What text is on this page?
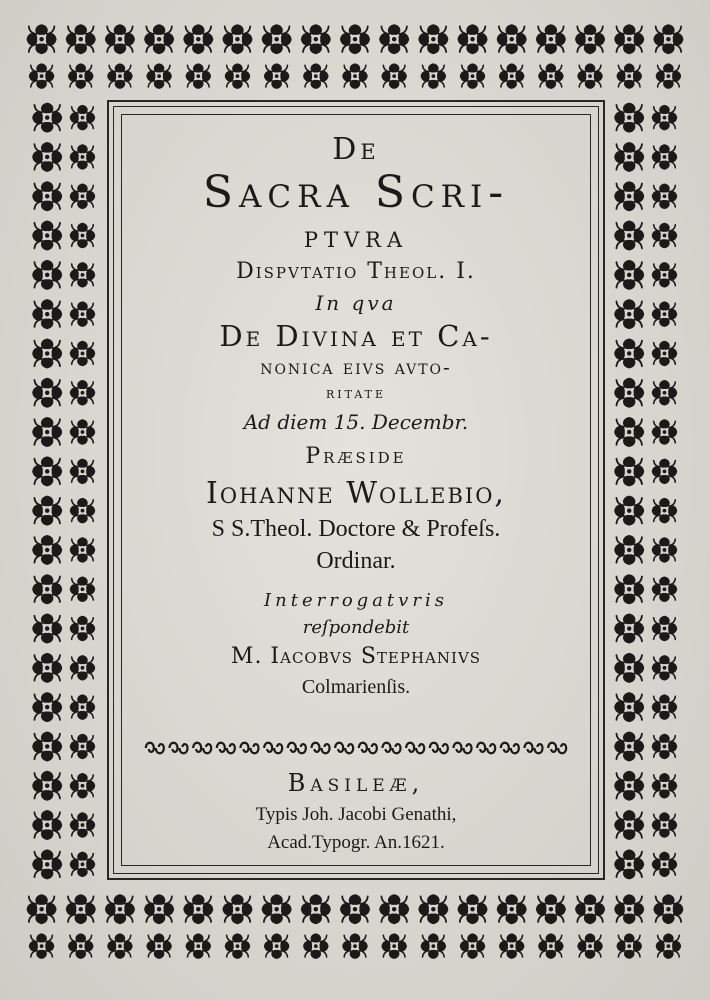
De
Sacra Scri-
ptvra
Dispvtatio Theol. I.
In qva
De Divina et Ca-
nonica eivs avto-
ritate
Ad diem 15. Decembr.
Præside
Iohanne Wollebio,
S S.Theol. Doctore & Profeſs.
Ordinar.
Interrogatvris
reſpondebit
M. Iacobvs Stephanivs
Colmarienſis.
Basileæ,
Typis Joh. Jacobi Genathi,
Acad.Typogr. An.1621.
